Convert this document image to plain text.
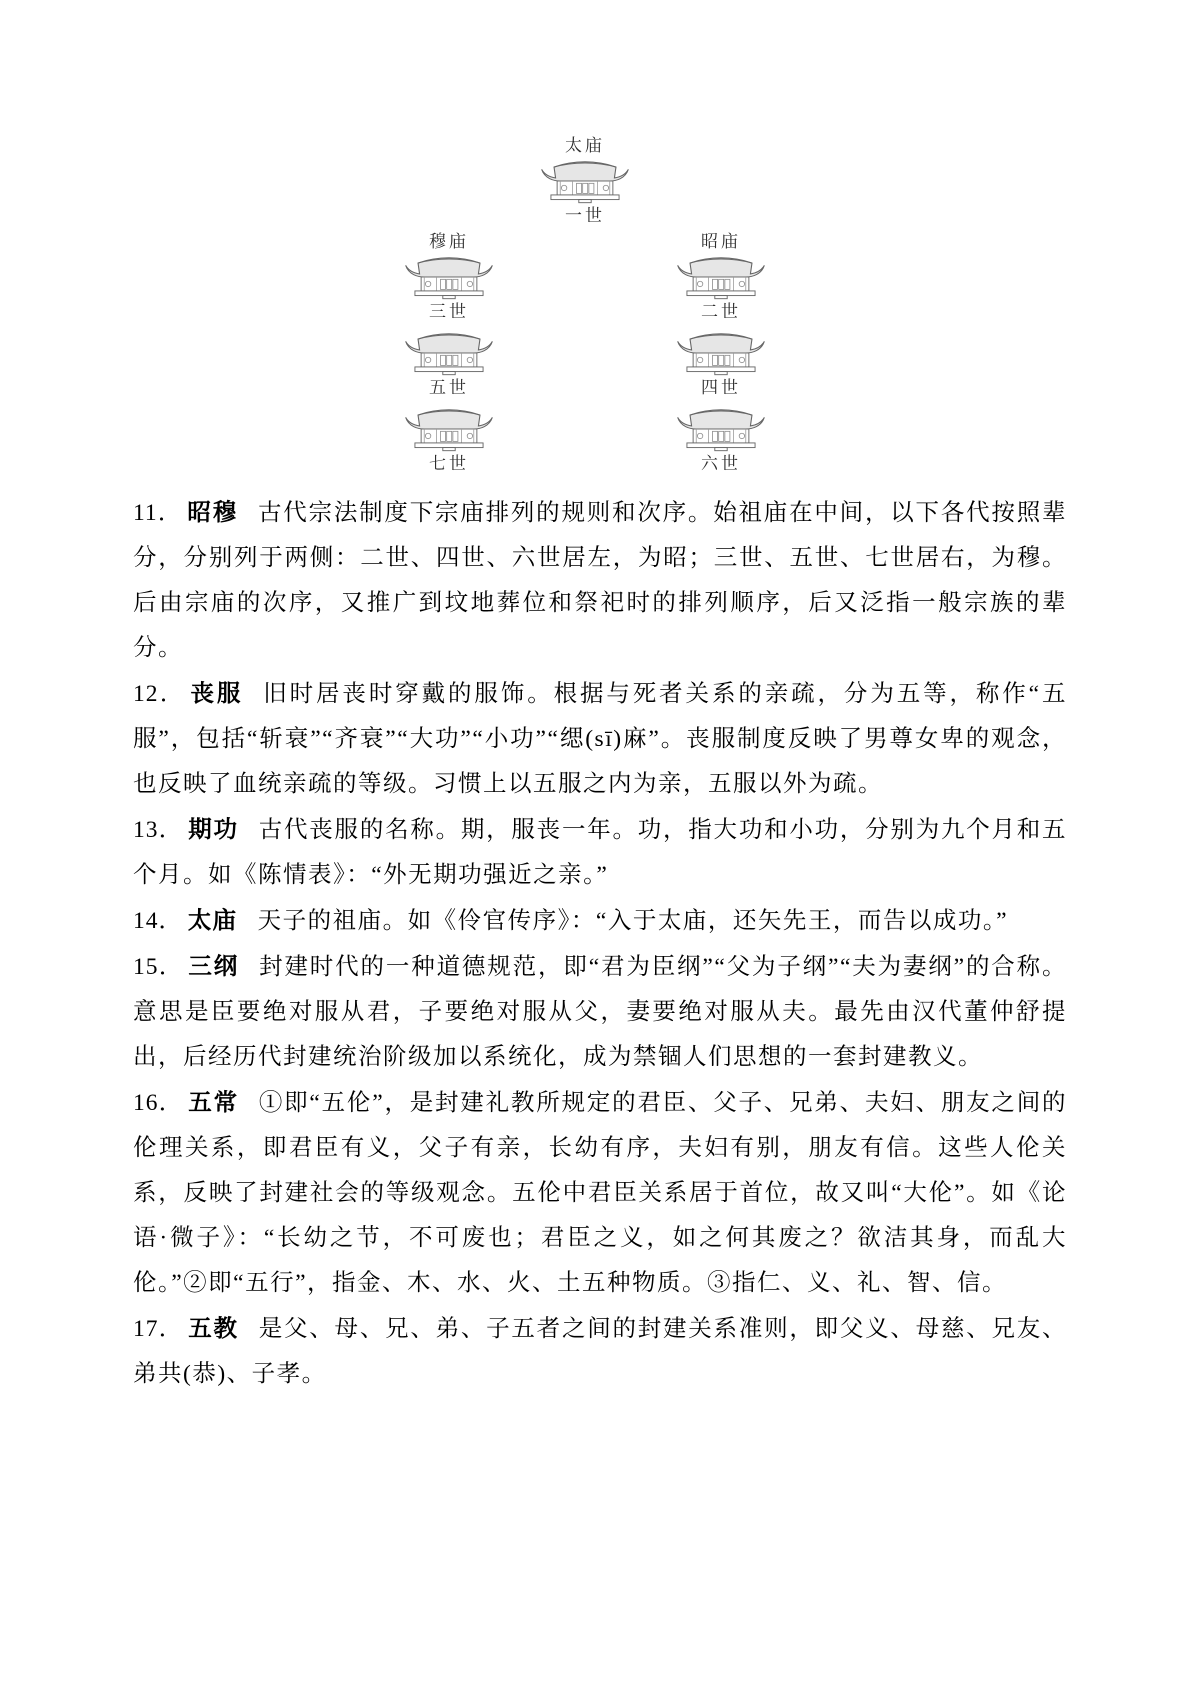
太庙
一世
穆庙
三世
昭庙
二世
五世	四世
七世	六世

11． 昭穆 古代宗法制度下宗庙排列的规则和次序。始祖庙在中间，以下各代按照辈分，分别列于两侧：二世、四世、六世居左，为昭；三世、五世、七世居右，为穆。后由宗庙的次序，又推广到坟地葬位和祭祀时的排列顺序，后又泛指一般宗族的辈分。

12． 丧服 旧时居丧时穿戴的服饰。根据与死者关系的亲疏，分为五等，称作“五服”，包括“斩衰”“齐衰”“大功”“小功”“缌(sī)麻”。丧服制度反映了男尊女卑的观念，也反映了血统亲疏的等级。习惯上以五服之内为亲，五服以外为疏。

13． 期功 古代丧服的名称。期，服丧一年。功，指大功和小功，分别为九个月和五个月。如《陈情表》：“外无期功强近之亲。”

14． 太庙 天子的祖庙。如《伶官传序》：“入于太庙，还矢先王，而告以成功。”

15． 三纲 封建时代的一种道德规范，即“君为臣纲”“父为子纲”“夫为妻纲”的合称。意思是臣要绝对服从君，子要绝对服从父，妻要绝对服从夫。最先由汉代董仲舒提出，后经历代封建统治阶级加以系统化，成为禁锢人们思想的一套封建教义。

16． 五常 ①即“五伦”，是封建礼教所规定的君臣、父子、兄弟、夫妇、朋友之间的伦理关系，即君臣有义，父子有亲，长幼有序，夫妇有别，朋友有信。这些人伦关系，反映了封建社会的等级观念。五伦中君臣关系居于首位，故又叫“大伦”。如《论语·微子》：“长幼之节，不可废也；君臣之义，如之何其废之？欲洁其身，而乱大伦。”②即“五行”，指金、木、水、火、土五种物质。③指仁、义、礼、智、信。

17． 五教 是父、母、兄、弟、子五者之间的封建关系准则，即父义、母慈、兄友、弟共(恭)、子孝。
